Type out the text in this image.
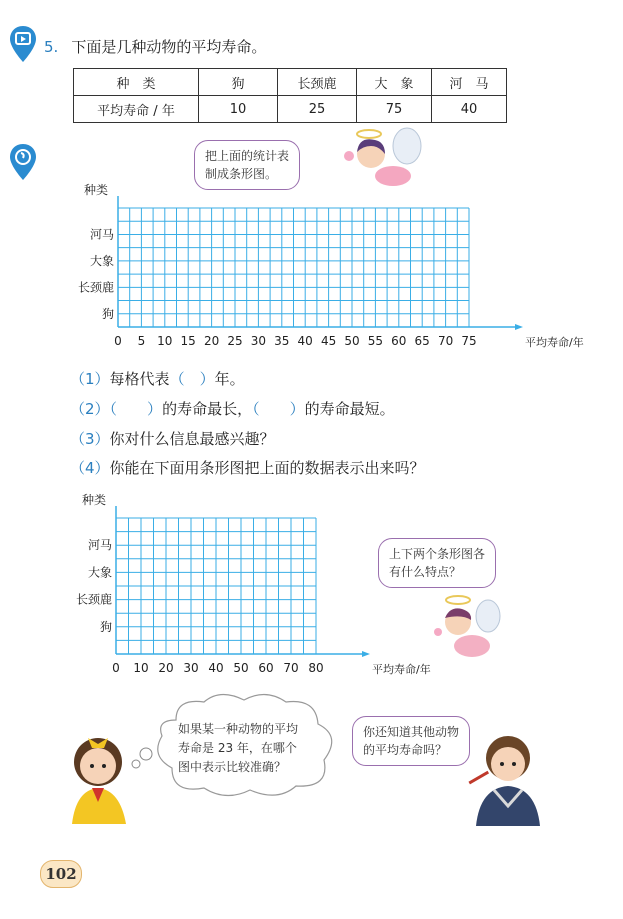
5. 下面是几种动物的平均寿命。
种　类	狗	长颈鹿	大　象	河　马
平均寿命 / 年	10	25	75	40
把上面的统计表
制成条形图。
种类
河马
大象
长颈鹿
狗
0 5 10 15 20 25 30 35 40 45 50 55 60 65 70 75	平均寿命/年
（1）每格代表（　）年。
（2）（　　）的寿命最长，（　　）的寿命最短。
（3）你对什么信息最感兴趣？
（4）你能在下面用条形图把上面的数据表示出来吗？
种类
河马
大象
长颈鹿
狗
0 10 20 30 40 50 60 70 80	平均寿命/年
上下两个条形图各
有什么特点？
如果某一种动物的平均
寿命是 23 年，在哪个
图中表示比较准确？
你还知道其他动物
的平均寿命吗？
102
